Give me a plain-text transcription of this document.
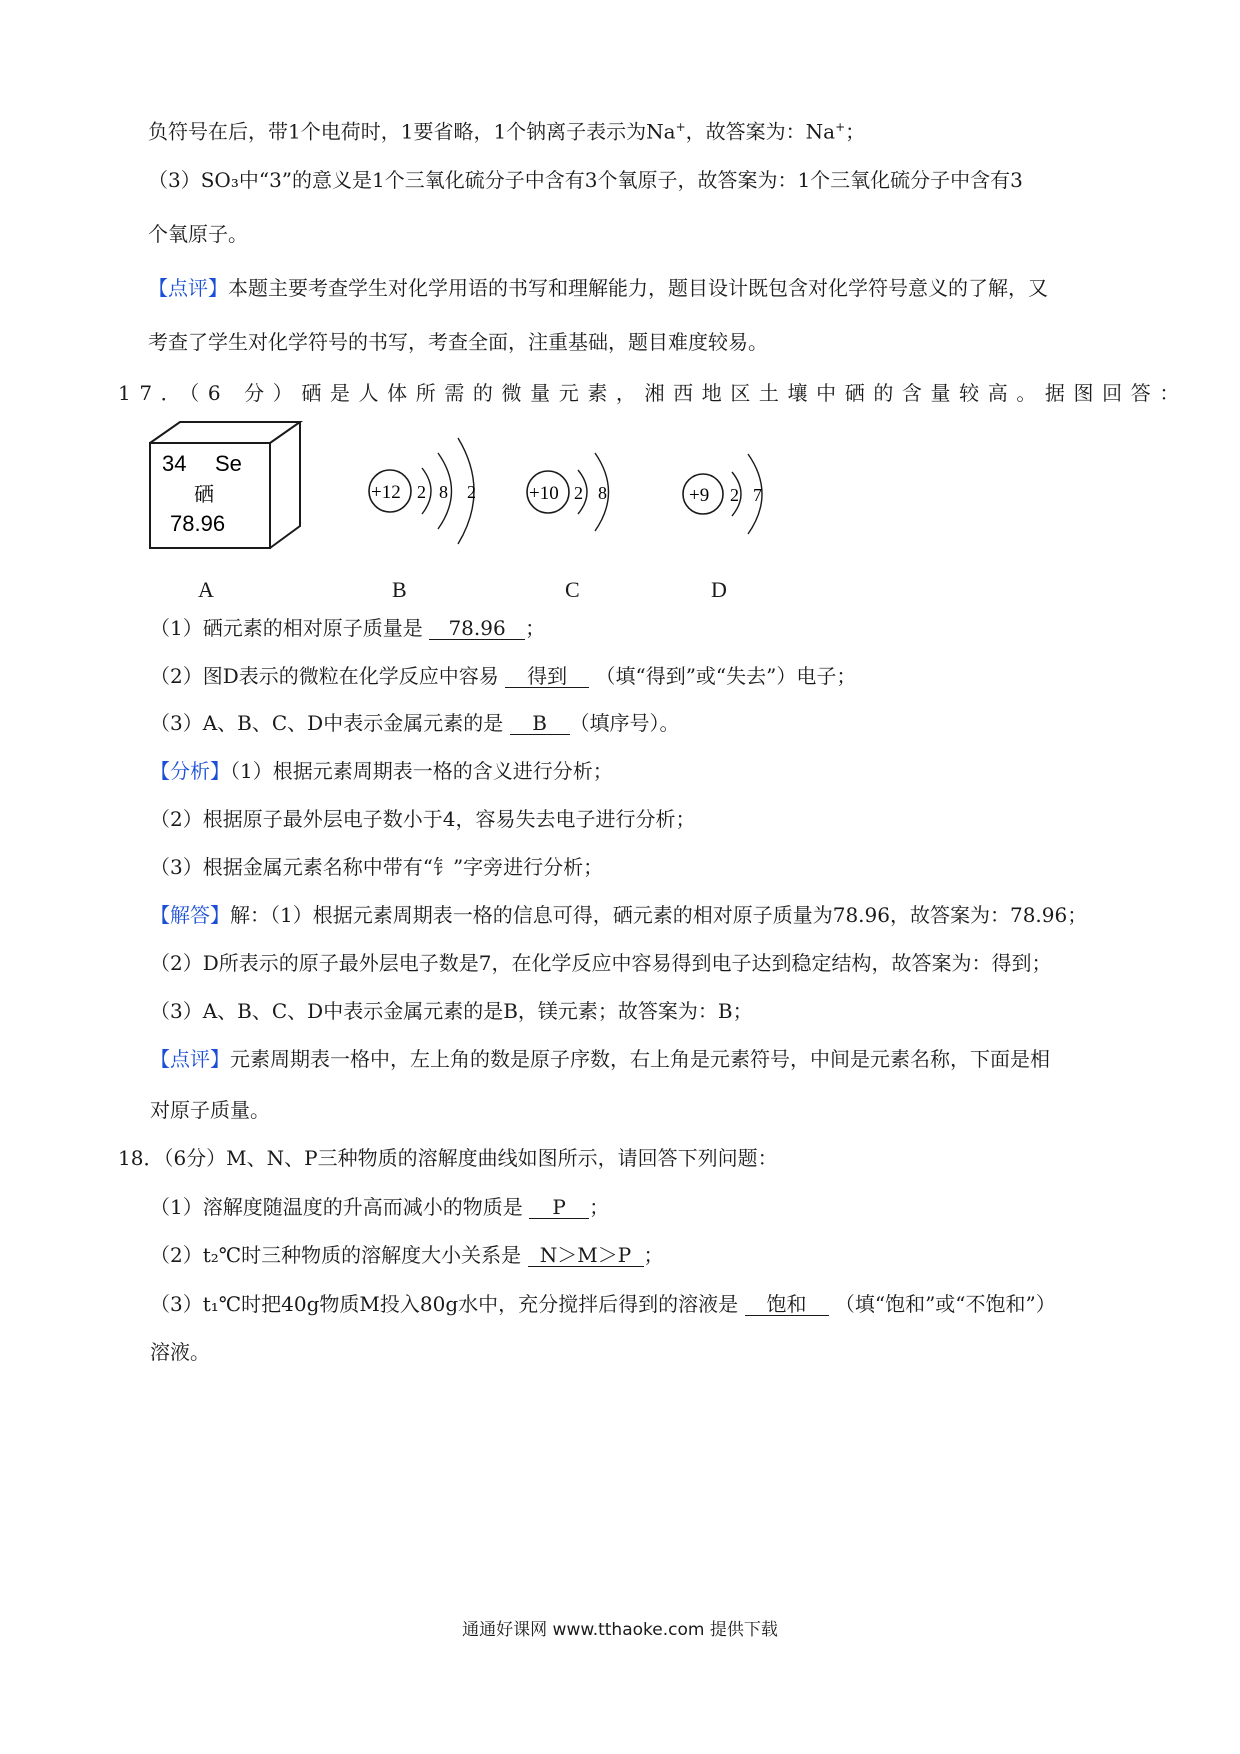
负符号在后，带1个电荷时，1要省略，1个钠离子表示为Na+，故答案为：Na+；
（3）SO₃中“3”的意义是1个三氧化硫分子中含有3个氧原子，故答案为：1个三氧化硫分子中含有3
个氧原子。
【点评】本题主要考查学生对化学用语的书写和理解能力，题目设计既包含对化学符号意义的了解，又
考查了学生对化学符号的书写，考查全面，注重基础，题目难度较易。
17．（6 分）硒是人体所需的微量元素，湘西地区土壤中硒的含量较高。据图回答：
34 Se
硒
78.96
+12 2 8 2	+10 2 8	+9 2 7
A	B	C	D
（1）硒元素的相对原子质量是 78.96 ；
（2）图D表示的微粒在化学反应中容易 得到 （填“得到”或“失去”）电子；
（3）A、B、C、D中表示金属元素的是 B （填序号）。
【分析】（1）根据元素周期表一格的含义进行分析；
（2）根据原子最外层电子数小于4，容易失去电子进行分析；
（3）根据金属元素名称中带有“钅”字旁进行分析；
【解答】解：（1）根据元素周期表一格的信息可得，硒元素的相对原子质量为78.96，故答案为：78.96；
（2）D所表示的原子最外层电子数是7，在化学反应中容易得到电子达到稳定结构，故答案为：得到；
（3）A、B、C、D中表示金属元素的是B，镁元素；故答案为：B；
【点评】元素周期表一格中，左上角的数是原子序数，右上角是元素符号，中间是元素名称，下面是相
对原子质量。
18．（6分）M、N、P三种物质的溶解度曲线如图所示，请回答下列问题：
（1）溶解度随温度的升高而减小的物质是 P ；
（2）t₂℃时三种物质的溶解度大小关系是 N＞M＞P ；
（3）t₁℃时把40g物质M投入80g水中，充分搅拌后得到的溶液是 饱和 （填“饱和”或“不饱和”）
溶液。
通通好课网 www.tthaoke.com 提供下载
